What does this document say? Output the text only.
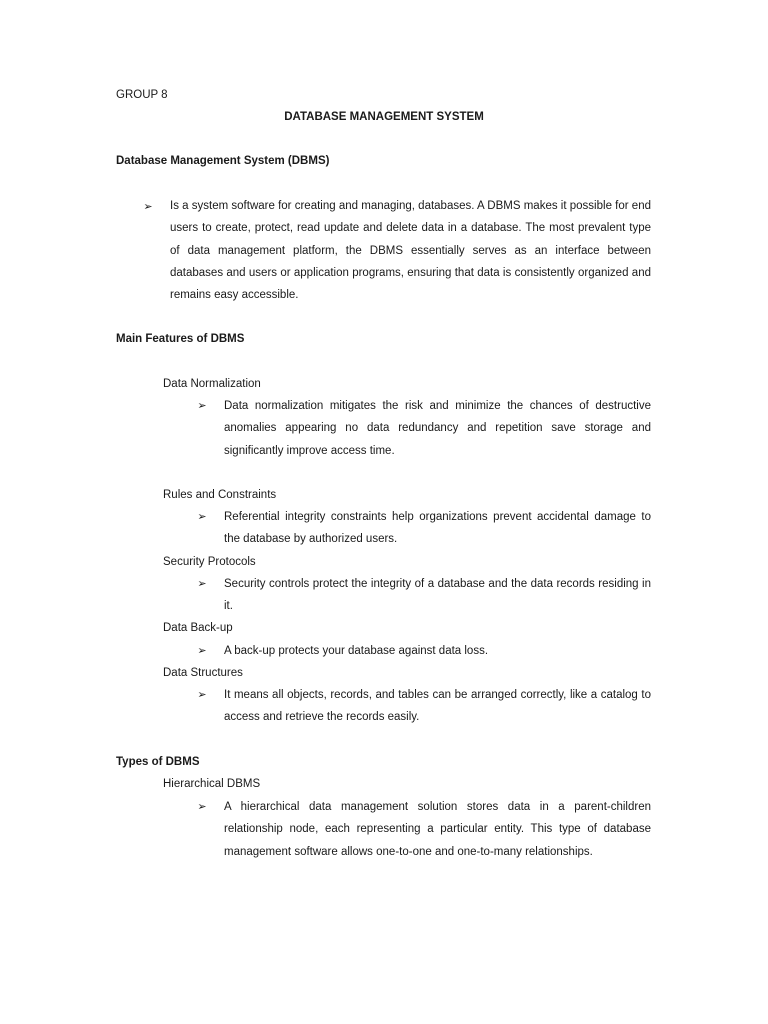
GROUP 8
DATABASE MANAGEMENT SYSTEM
Database Management System (DBMS)
➢ Is a system software for creating and managing, databases. A DBMS makes it possible for end users to create, protect, read update and delete data in a database. The most prevalent type of data management platform, the DBMS essentially serves as an interface between databases and users or application programs, ensuring that data is consistently organized and remains easy accessible.
Main Features of DBMS
Data Normalization
➢ Data normalization mitigates the risk and minimize the chances of destructive anomalies appearing no data redundancy and repetition save storage and significantly improve access time.
Rules and Constraints
➢ Referential integrity constraints help organizations prevent accidental damage to the database by authorized users.
Security Protocols
➢ Security controls protect the integrity of a database and the data records residing in it.
Data Back-up
➢ A back-up protects your database against data loss.
Data Structures
➢ It means all objects, records, and tables can be arranged correctly, like a catalog to access and retrieve the records easily.
Types of DBMS
Hierarchical DBMS
➢ A hierarchical data management solution stores data in a parent-children relationship node, each representing a particular entity. This type of database management software allows one-to-one and one-to-many relationships.
